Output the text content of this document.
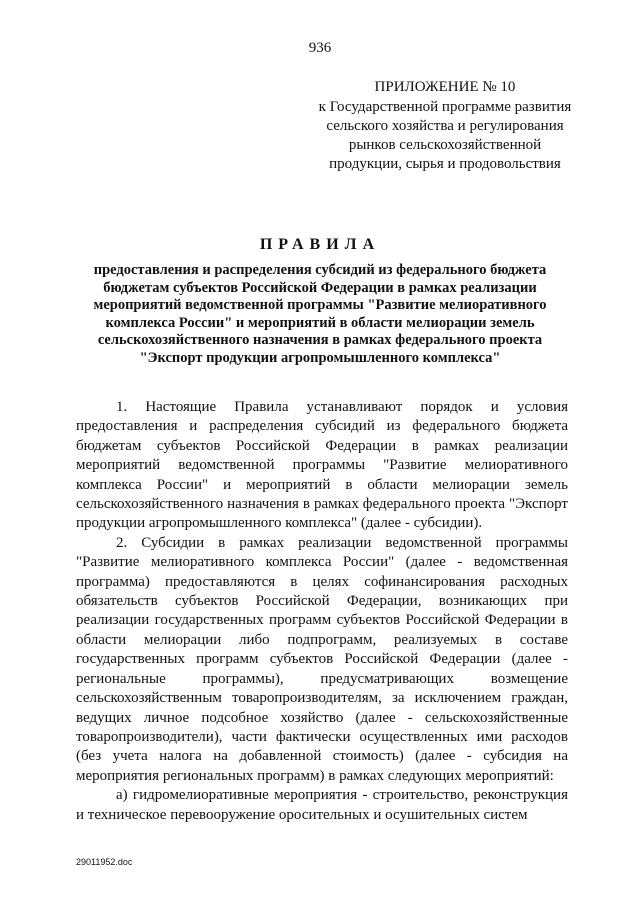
936
ПРИЛОЖЕНИЕ № 10
к Государственной программе развития
сельского хозяйства и регулирования
рынков сельскохозяйственной
продукции, сырья и продовольствия
ПРАВИЛА
предоставления и распределения субсидий из федерального бюджета бюджетам субъектов Российской Федерации в рамках реализации мероприятий ведомственной программы "Развитие мелиоративного комплекса России" и мероприятий в области мелиорации земель сельскохозяйственного назначения в рамках федерального проекта "Экспорт продукции агропромышленного комплекса"

1. Настоящие Правила устанавливают порядок и условия предоставления и распределения субсидий из федерального бюджета бюджетам субъектов Российской Федерации в рамках реализации мероприятий ведомственной программы "Развитие мелиоративного комплекса России" и мероприятий в области мелиорации земель сельскохозяйственного назначения в рамках федерального проекта "Экспорт продукции агропромышленного комплекса" (далее - субсидии).

2. Субсидии в рамках реализации ведомственной программы "Развитие мелиоративного комплекса России" (далее - ведомственная программа) предоставляются в целях софинансирования расходных обязательств субъектов Российской Федерации, возникающих при реализации государственных программ субъектов Российской Федерации в области мелиорации либо подпрограмм, реализуемых в составе государственных программ субъектов Российской Федерации (далее - региональные программы), предусматривающих возмещение сельскохозяйственным товаропроизводителям, за исключением граждан, ведущих личное подсобное хозяйство (далее - сельскохозяйственные товаропроизводители), части фактически осуществленных ими расходов (без учета налога на добавленной стоимость) (далее - субсидия на мероприятия региональных программ) в рамках следующих мероприятий:

а) гидромелиоративные мероприятия - строительство, реконструкция и техническое перевооружение оросительных и осушительных систем

29011952.doc
